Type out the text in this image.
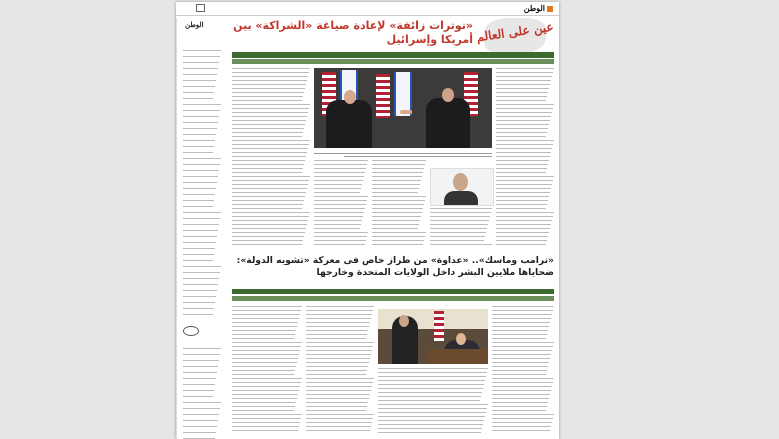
الوطن
الوطن	عين على العالم
«توترات زائفة» لإعادة صياغة «الشراكة» بين أمريكا وإسرائيل
«ترامب وماسك».. «عداوة» من طراز خاص فى معركة «تشويه الدولة»: ضحاياها ملايين البشر داخل الولايات المتحدة وخارجها
